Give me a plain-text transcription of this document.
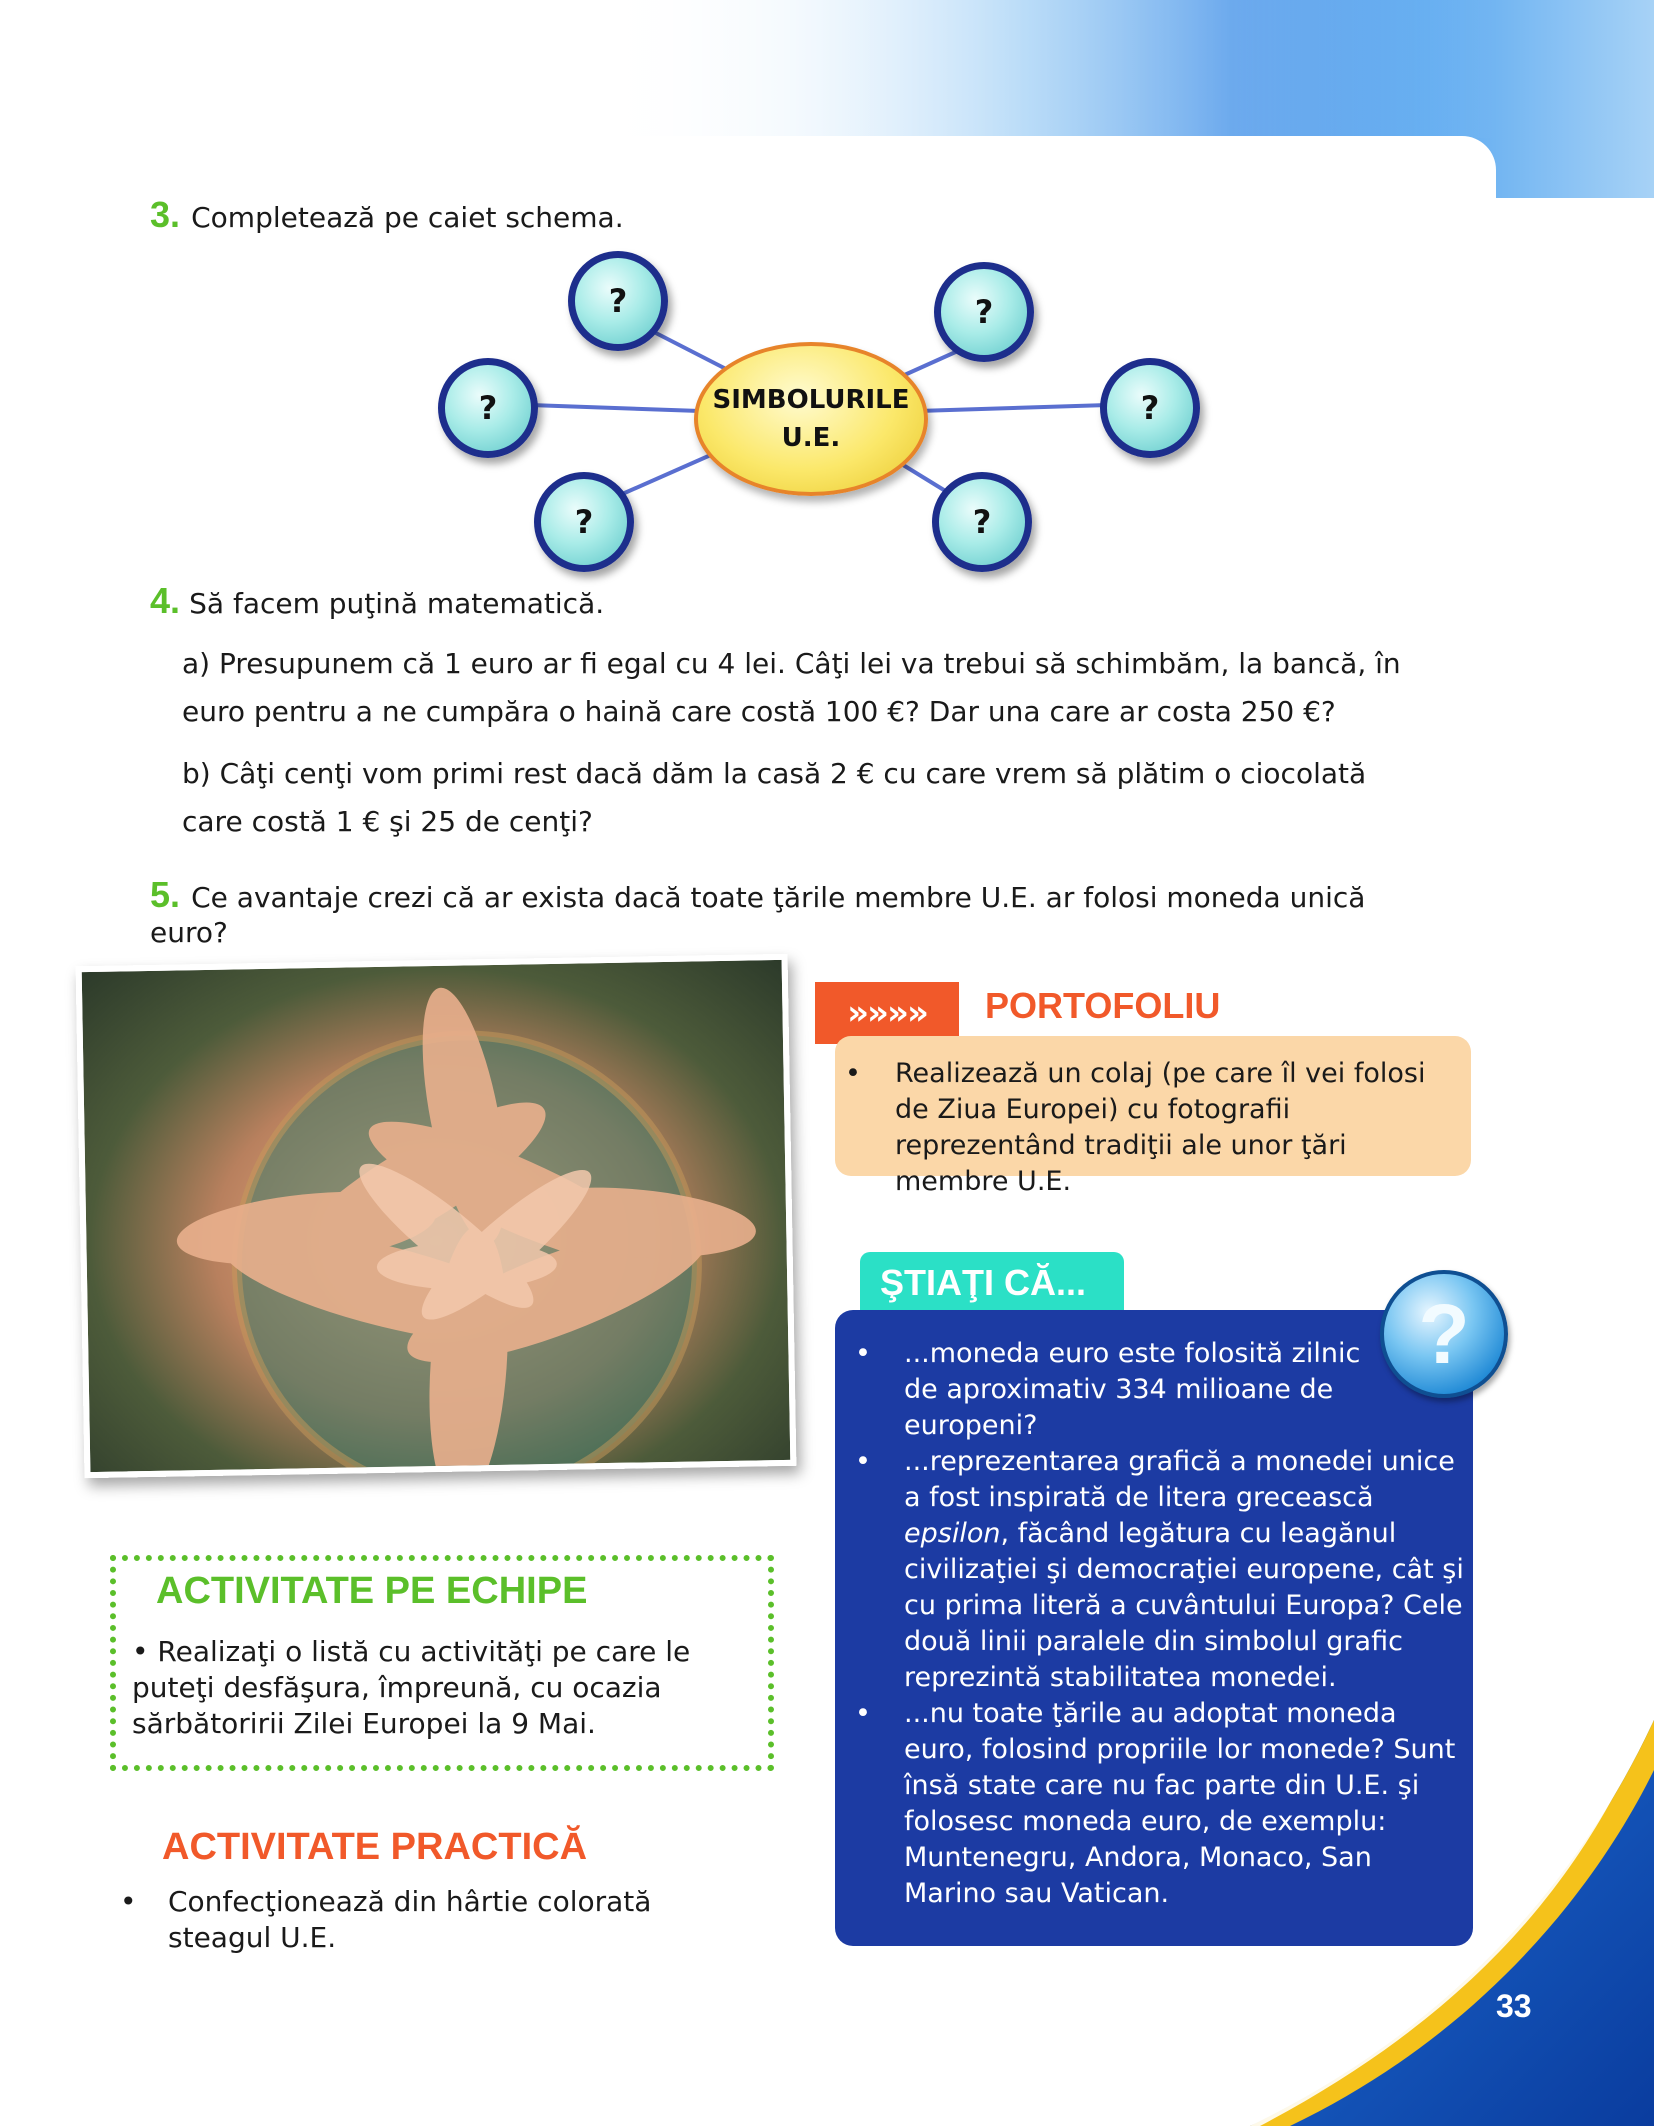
3. Completează pe caiet schema.
?	?
?	?
?	?
SIMBOLURILE
U.E.
4. Să facem puţină matematică.
a) Presupunem că 1 euro ar fi egal cu 4 lei. Câţi lei va trebui să schimbăm, la bancă, în euro pentru a ne cumpăra o haină care costă 100 €? Dar una care ar costa 250 €?
b) Câţi cenţi vom primi rest dacă dăm la casă 2 € cu care vrem să plătim o ciocolată care costă 1 € şi 25 de cenţi?
5. Ce avantaje crezi că ar exista dacă toate ţările membre U.E. ar folosi moneda unică euro?
»»»»	PORTOFOLIU
• Realizează un colaj (pe care îl vei folosi de Ziua Europei) cu fotografii reprezentând tradiţii ale unor ţări membre U.E.
ŞTIAŢI CĂ...
?
• ...moneda euro este folosită zilnic de aproximativ 334 milioane de europeni?
• ...reprezentarea grafică a monedei unice a fost inspirată de litera grecească epsilon, făcând legătura cu leagănul civilizaţiei şi democraţiei europene, cât şi cu prima literă a cuvântului Europa? Cele două linii paralele din simbolul grafic reprezintă stabilitatea monedei.
• ...nu toate ţările au adoptat moneda euro, folosind propriile lor monede? Sunt însă state care nu fac parte din U.E. şi folosesc moneda euro, de exemplu: Muntenegru, Andora, Monaco, San Marino sau Vatican.
ACTIVITATE PE ECHIPE
• Realizaţi o listă cu activităţi pe care le puteţi desfăşura, împreună, cu ocazia sărbătoririi Zilei Europei la 9 Mai.
ACTIVITATE PRACTICĂ
• Confecţionează din hârtie colorată steagul U.E.
33
